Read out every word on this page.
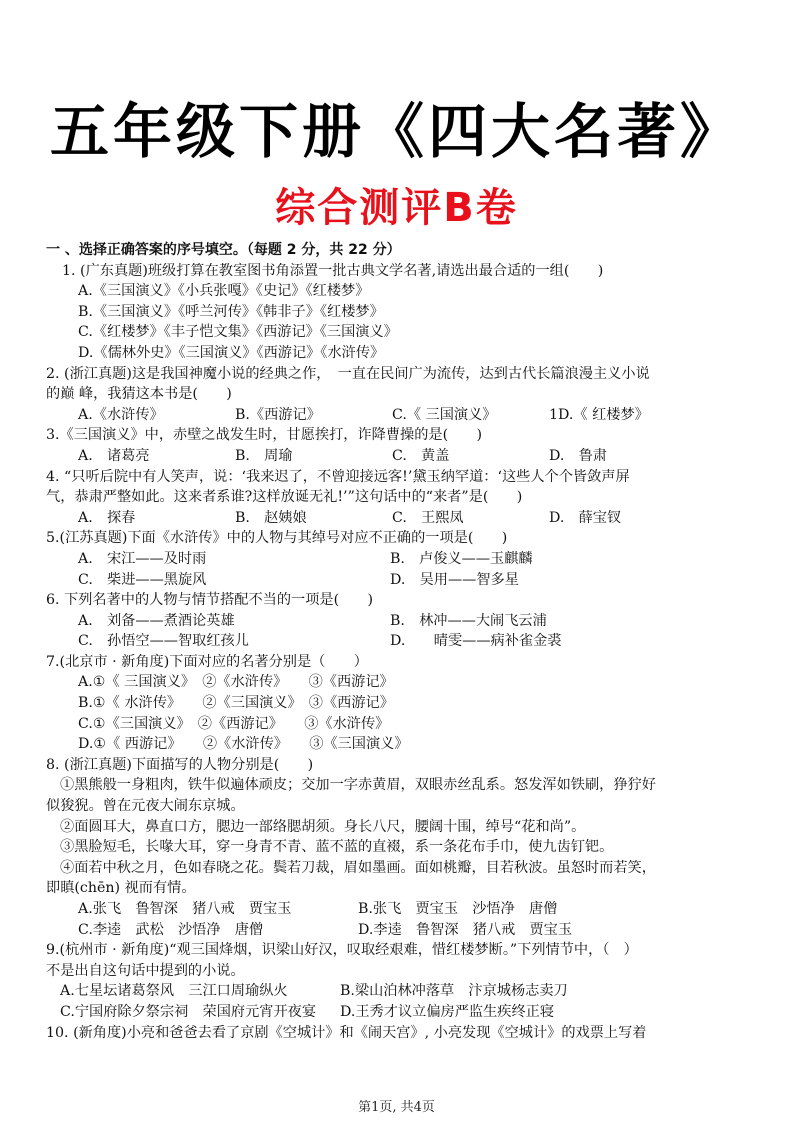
五年级下册《四大名著》
综合测评B卷
一 、选择正确答案的序号填空。（每题 2 分，共 22 分）
1. (广东真题)班级打算在教室图书角添置一批古典文学名著,请选出最合适的一组(　　)
A.《三国演义》《小兵张嘎》《史记》《红楼梦》
B.《三国演义》《呼兰河传》《韩非子》《红楼梦》
C.《红楼梦》《丰子恺文集》《西游记》《三国演义》
D.《儒林外史》《三国演义》《西游记》《水浒传》
2. (浙江真题)这是我国神魔小说的经典之作，　一直在民间广为流传，达到古代长篇浪漫主义小说
的巅 峰，我猜这本书是(　　)
A.《水浒传》	B.《西游记》	C.《 三国演义》	1D.《 红楼梦》
3.《三国演义》中，赤壁之战发生时，甘愿挨打，诈降曹操的是(　　)
A.　诸葛亮	B.　周瑜	C.　黄盖	D.　鲁肃
4. “只听后院中有人笑声，说：‘我来迟了，不曾迎接远客!’黛玉纳罕道：‘这些人个个皆敛声屏
气，恭肃严整如此。这来者系谁?这样放诞无礼!’”这句话中的“来者”是(　　)
A.　探春	B.　赵姨娘	C.　王熙凤	D.　薛宝钗
5.(江苏真题)下面《水浒传》中的人物与其绰号对应不正确的一项是(　　)
A.　宋江——及时雨	B.　卢俊义——玉麒麟
C.　柴进——黑旋风	D.　吴用——智多星
6. 下列名著中的人物与情节搭配不当的一项是(　　)
A.　刘备——煮酒论英雄	B.　林冲——大闹飞云浦
C.　孙悟空——智取红孩儿	D.　　晴雯——病补雀金裘
7.(北京市 · 新角度)下面对应的名著分别是（　　）
A.①《 三国演义》　②《水浒传》　　③《西游记》
B.①《 水浒传》　　②《三国演义》　③《西游记》
C.①《三国演义》　②《西游记》　　③《水浒传》
D.①《 西游记》　　②《水浒传》　　③《三国演义》
8. (浙江真题)下面描写的人物分别是(　　)
①黑熊般一身粗肉，铁牛似遍体顽皮；交加一字赤黄眉，双眼赤丝乱系。怒发浑如铁刷，狰狞好
似狻猊。曾在元夜大闹东京城。
②面圆耳大，鼻直口方，腮边一部络腮胡须。身长八尺，腰阔十围，绰号“花和尚”。
③黑脸短毛，长喙大耳，穿一身青不青、蓝不蓝的直裰，系一条花布手巾，使九齿钉钯。
④面若中秋之月，色如春晓之花。鬓若刀裁，眉如墨画。面如桃瓣，目若秋波。虽怒时而若笑，
即瞋(chēn) 视而有情。
A.张飞　鲁智深　猪八戒　贾宝玉	B.张飞　贾宝玉　沙悟净　唐僧
C.李逵　武松　沙悟净　唐僧	D.李逵　鲁智深　猪八戒　贾宝玉
9.(杭州市 · 新角度)“观三国烽烟，识梁山好汉，叹取经艰难，惜红楼梦断。”下列情节中，（　）
不是出自这句话中提到的小说。
A.七星坛诸葛祭风　三江口周瑜纵火	B.梁山泊林冲落草　汴京城杨志卖刀
C.宁国府除夕祭宗祠　荣国府元宵开夜宴 D.王秀才议立偏房严监生疾终正寝
10. (新角度)小亮和爸爸去看了京剧《空城计》和《闹天宫》, 小亮发现《空城计》的戏票上写着
第1页, 共4页
